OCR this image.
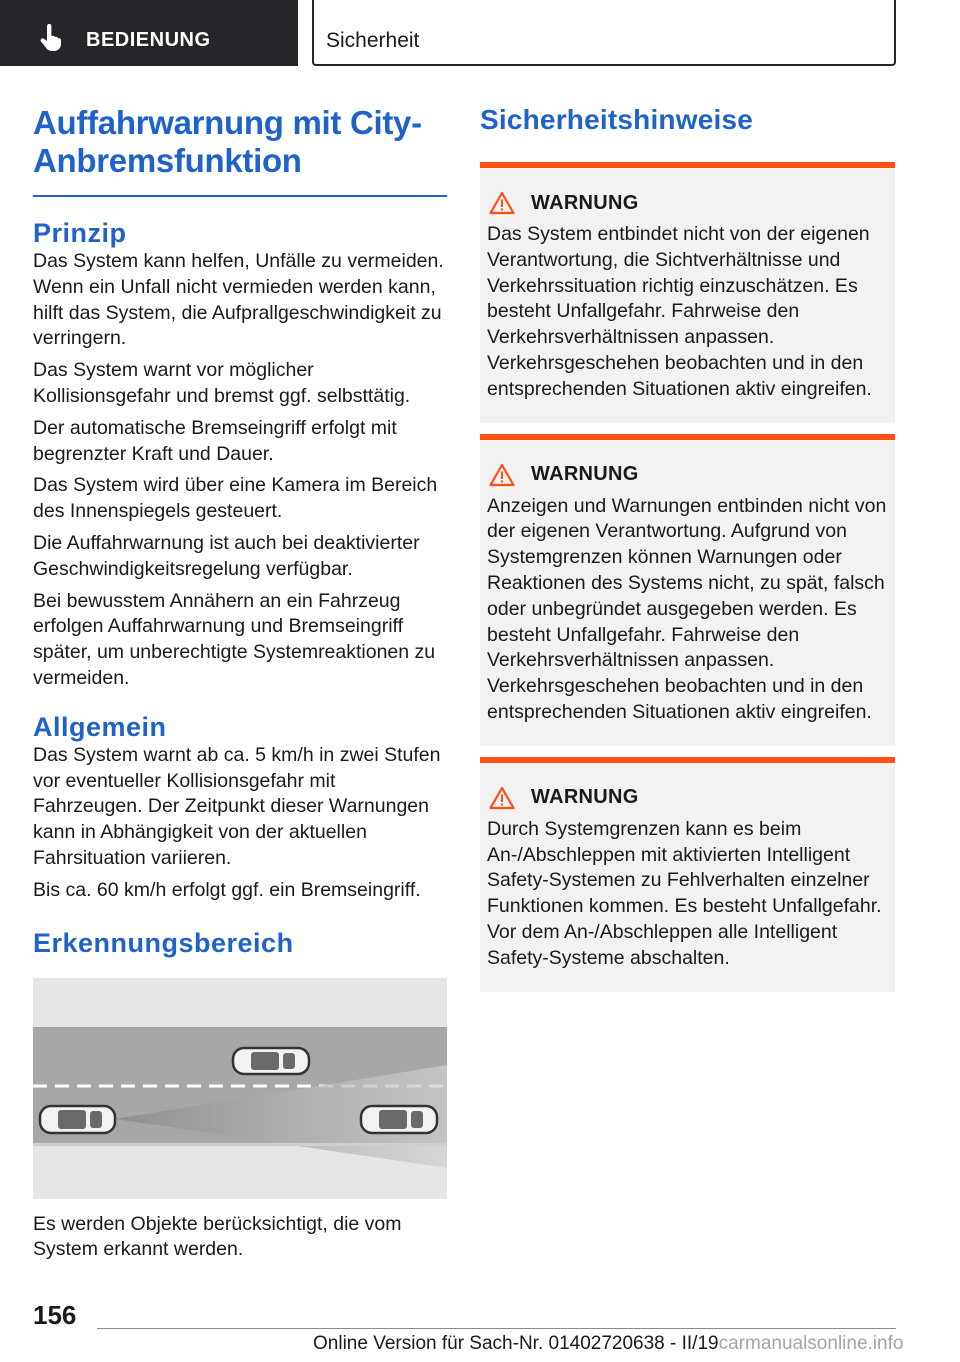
BEDIENUNG	Sicherheit
Auffahrwarnung mit City-Anbremsfunktion
Prinzip

Das System kann helfen, Unfälle zu vermeiden. Wenn ein Unfall nicht vermieden werden kann, hilft das System, die Aufprallgeschwindigkeit zu verringern.

Das System warnt vor möglicher Kollisionsgefahr und bremst ggf. selbsttätig.

Der automatische Bremseingriff erfolgt mit begrenzter Kraft und Dauer.

Das System wird über eine Kamera im Bereich des Innenspiegels gesteuert.

Die Auffahrwarnung ist auch bei deaktivierter Geschwindigkeitsregelung verfügbar.

Bei bewusstem Annähern an ein Fahrzeug erfolgen Auffahrwarnung und Bremseingriff später, um unberechtigte Systemreaktionen zu vermeiden.

Allgemein

Das System warnt ab ca. 5 km/h in zwei Stufen vor eventueller Kollisionsgefahr mit Fahrzeugen. Der Zeitpunkt dieser Warnungen kann in Abhängigkeit von der aktuellen Fahrsituation variieren.

Bis ca. 60 km/h erfolgt ggf. ein Bremseingriff.

Erkennungsbereich

Es werden Objekte berücksichtigt, die vom System erkannt werden.

Sicherheitshinweise
WARNUNG

Das System entbindet nicht von der eigenen Verantwortung, die Sichtverhältnisse und Verkehrssituation richtig einzuschätzen. Es besteht Unfallgefahr. Fahrweise den Verkehrsverhältnissen anpassen. Verkehrsgeschehen beobachten und in den entsprechenden Situationen aktiv eingreifen.

WARNUNG

Anzeigen und Warnungen entbinden nicht von der eigenen Verantwortung. Aufgrund von Systemgrenzen können Warnungen oder Reaktionen des Systems nicht, zu spät, falsch oder unbegründet ausgegeben werden. Es besteht Unfallgefahr. Fahrweise den Verkehrsverhältnissen anpassen. Verkehrsgeschehen beobachten und in den entsprechenden Situationen aktiv eingreifen.

WARNUNG

Durch Systemgrenzen kann es beim An-/Abschleppen mit aktivierten Intelligent Safety-Systemen zu Fehlverhalten einzelner Funktionen kommen. Es besteht Unfallgefahr. Vor dem An-/Abschleppen alle Intelligent Safety-Systeme abschalten.

156
Online Version für Sach-Nr. 01402720638 - II/19carmanualsonline.info
